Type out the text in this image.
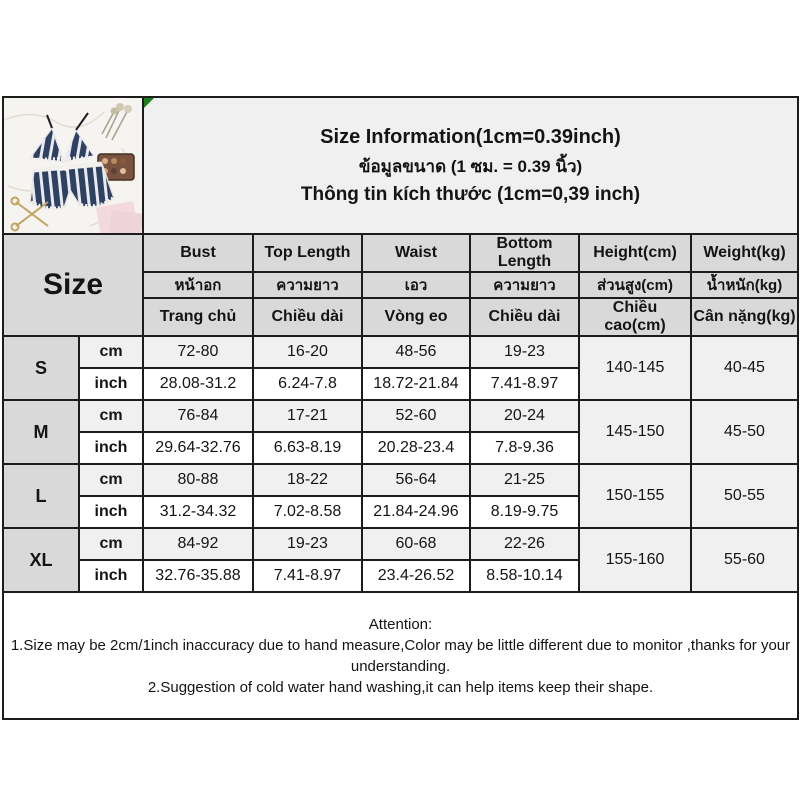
Size Information(1cm=0.39inch)
ข้อมูลขนาด (1 ซม. = 0.39 นิ้ว)
Thông tin kích thước (1cm=0,39 inch)					

Size		Bust	Top Length	Waist	Bottom Length	Height(cm)	Weight(kg)
		หน้าอก	ความยาว	เอว	ความยาว	ส่วนสูง(cm)	น้ำหนัก(kg)
		Trang chủ	Chiều dài	Vòng eo	Chiều dài	Chiều cao(cm)	Cân nặng(kg)
S	cm	72-80	16-20	48-56	19-23	140-145	40-45
	inch	28.08-31.2	6.24-7.8	18.72-21.84	7.41-8.97		
M	cm	76-84	17-21	52-60	20-24	145-150	45-50
	inch	29.64-32.76	6.63-8.19	20.28-23.4	7.8-9.36		
L	cm	80-88	18-22	56-64	21-25	150-155	50-55
	inch	31.2-34.32	7.02-8.58	21.84-24.96	8.19-9.75		
XL	cm	84-92	19-23	60-68	22-26	155-160	55-60
	inch	32.76-35.88	7.41-8.97	23.4-26.52	8.58-10.14		

Attention:
1.Size may be 2cm/1inch inaccuracy due to hand measure,Color may be little different due to monitor ,thanks for your understanding.
2.Suggestion of cold water hand washing,it can help items keep their shape.							
